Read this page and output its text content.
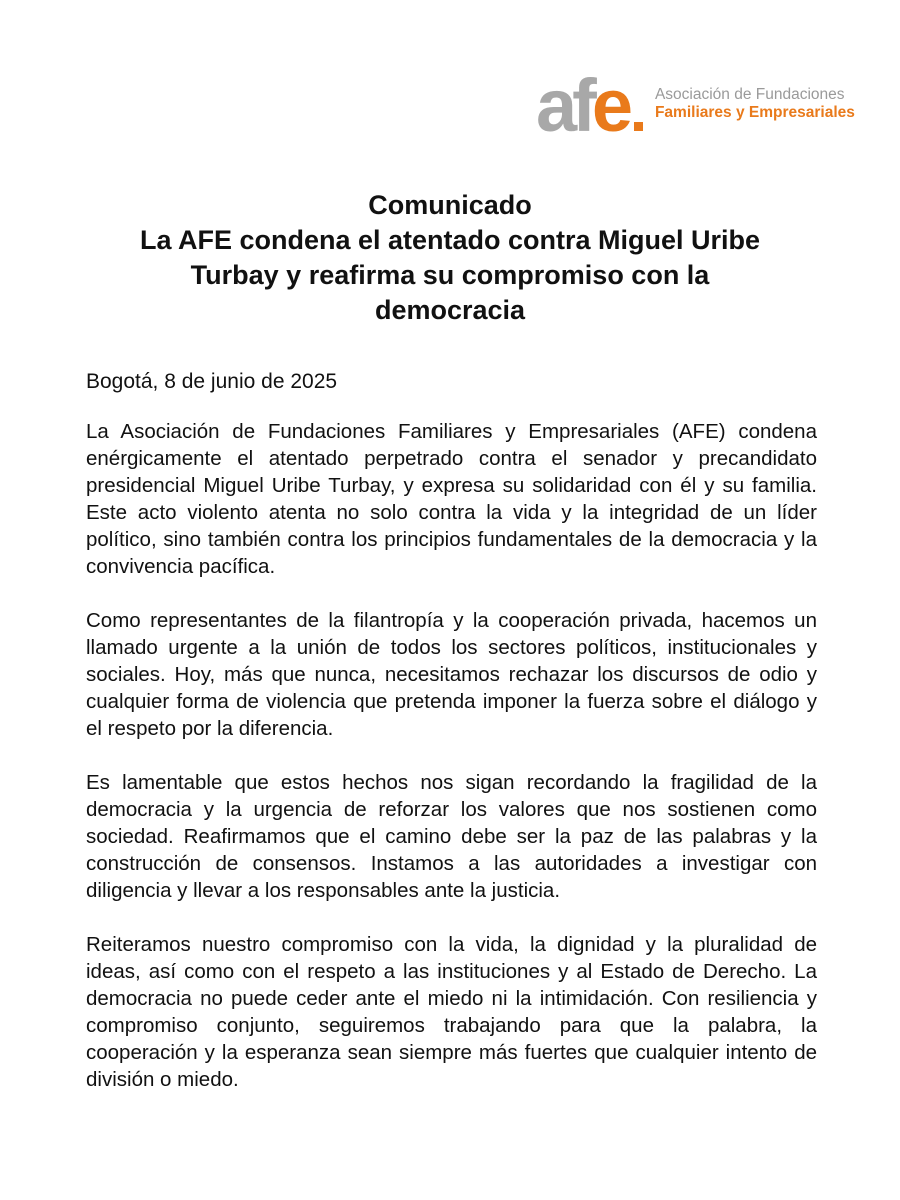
afe	Asociación de Fundaciones
Familiares y Empresariales
Comunicado
La AFE condena el atentado contra Miguel Uribe
Turbay y reafirma su compromiso con la
democracia
Bogotá, 8 de junio de 2025

La Asociación de Fundaciones Familiares y Empresariales (AFE) condena enérgicamente el atentado perpetrado contra el senador y precandidato presidencial Miguel Uribe Turbay, y expresa su solidaridad con él y su familia. Este acto violento atenta no solo contra la vida y la integridad de un líder político, sino también contra los principios fundamentales de la democracia y la convivencia pacífica.

Como representantes de la filantropía y la cooperación privada, hacemos un llamado urgente a la unión de todos los sectores políticos, institucionales y sociales. Hoy, más que nunca, necesitamos rechazar los discursos de odio y cualquier forma de violencia que pretenda imponer la fuerza sobre el diálogo y el respeto por la diferencia.

Es lamentable que estos hechos nos sigan recordando la fragilidad de la democracia y la urgencia de reforzar los valores que nos sostienen como sociedad. Reafirmamos que el camino debe ser la paz de las palabras y la construcción de consensos. Instamos a las autoridades a investigar con diligencia y llevar a los responsables ante la justicia.

Reiteramos nuestro compromiso con la vida, la dignidad y la pluralidad de ideas, así como con el respeto a las instituciones y al Estado de Derecho. La democracia no puede ceder ante el miedo ni la intimidación. Con resiliencia y compromiso conjunto, seguiremos trabajando para que la palabra, la cooperación y la esperanza sean siempre más fuertes que cualquier intento de división o miedo.
